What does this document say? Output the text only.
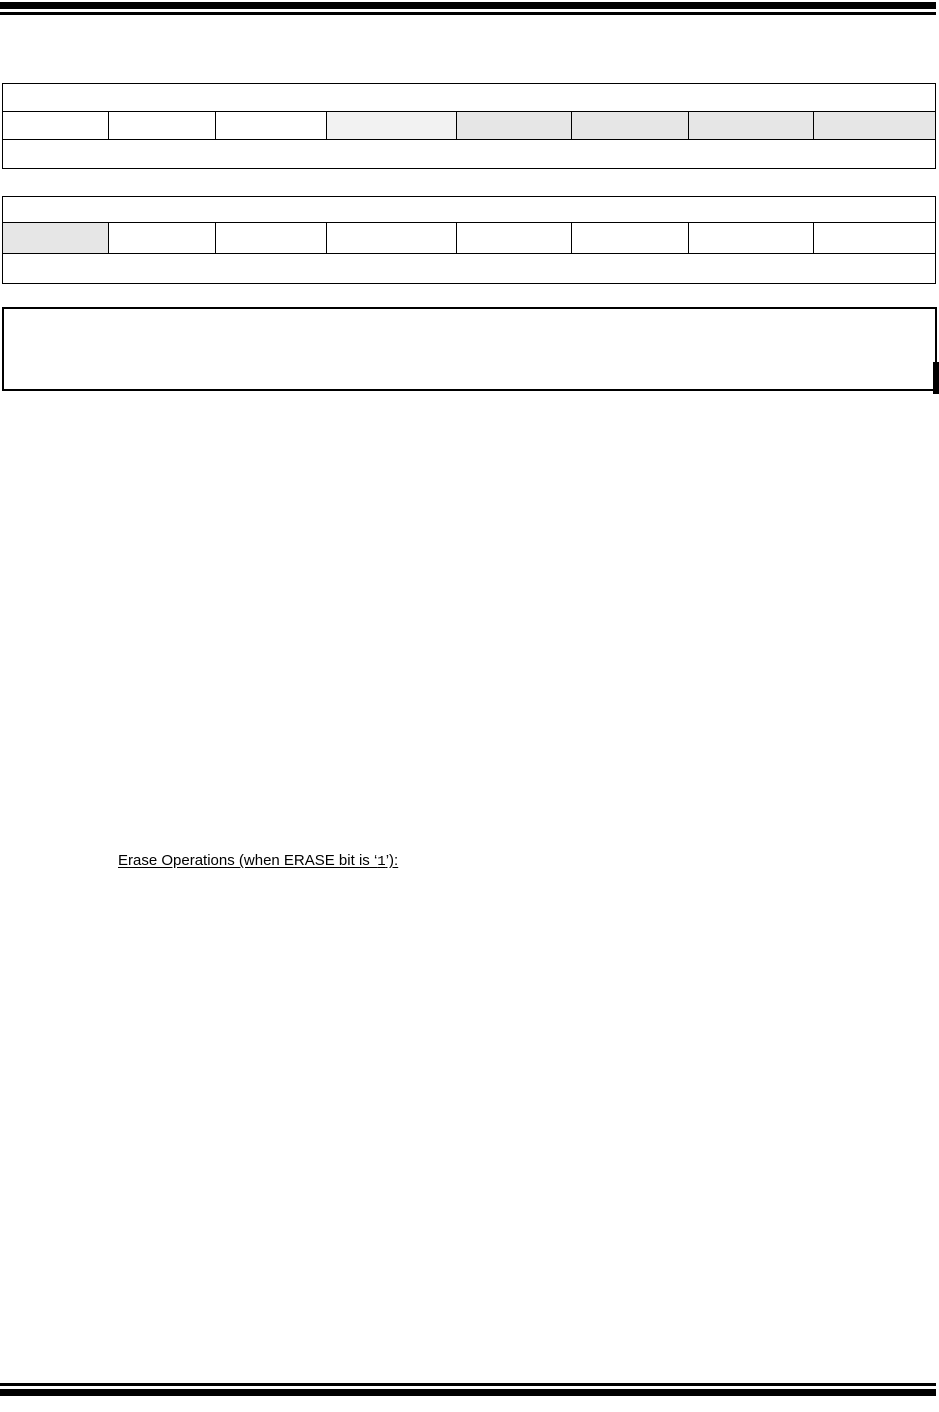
Erase Operations (when ERASE bit is ‘1’):
